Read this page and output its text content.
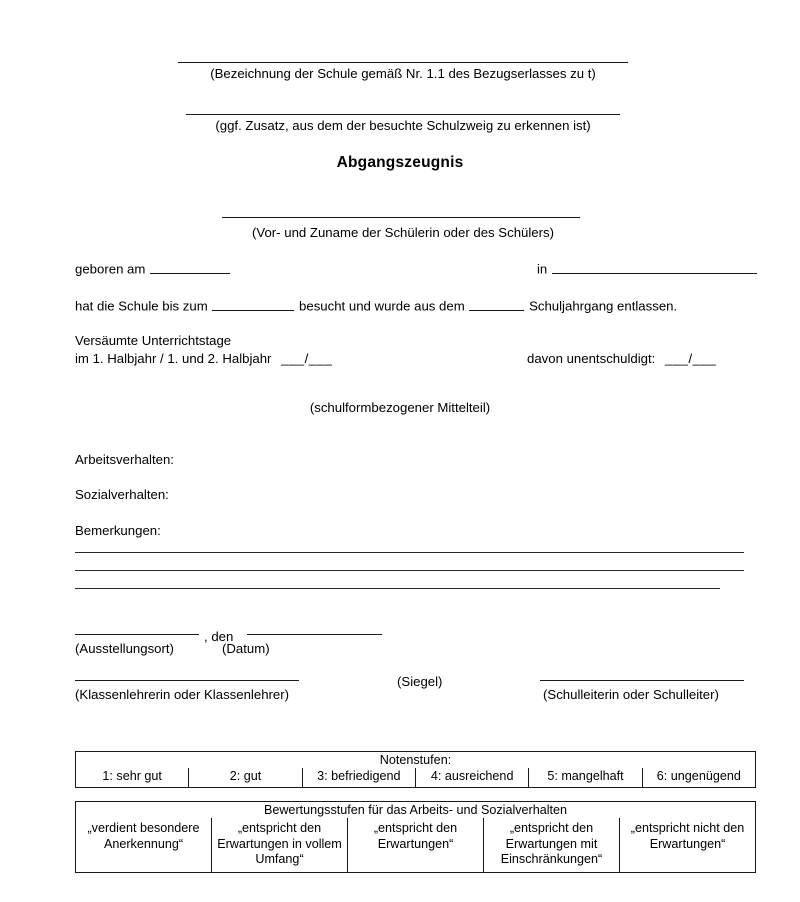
(Bezeichnung der Schule gemäß Nr. 1.1 des Bezugserlasses zu t)
(ggf. Zusatz, aus dem der besuchte Schulzweig zu erkennen ist)
Abgangszeugnis
(Vor- und Zuname der Schülerin oder des Schülers)
geboren am	in
hat die Schule bis zum	besucht und wurde aus dem	Schuljahrgang entlassen.
Versäumte Unterrichtstage
im 1. Halbjahr / 1. und 2. Halbjahr ___/___	davon unentschuldigt: ___/___
(schulformbezogener Mittelteil)
Arbeitsverhalten:
Sozialverhalten:
Bemerkungen:
(Ausstellungsort)
, den
(Datum)
(Klassenlehrerin oder Klassenlehrer)
(Siegel)
(Schulleiterin oder Schulleiter)
Notenstufen:
1: sehr gut	2: gut	3: befriedigend	4: ausreichend	5: mangelhaft	6: ungenügend
Bewertungsstufen für das Arbeits- und Sozialverhalten
„verdient besondere Anerkennung“	„entspricht den Erwartungen in vollem Umfang“	„entspricht den Erwartungen“	„entspricht den Erwartungen mit Einschränkungen“	„entspricht nicht den Erwartungen“
